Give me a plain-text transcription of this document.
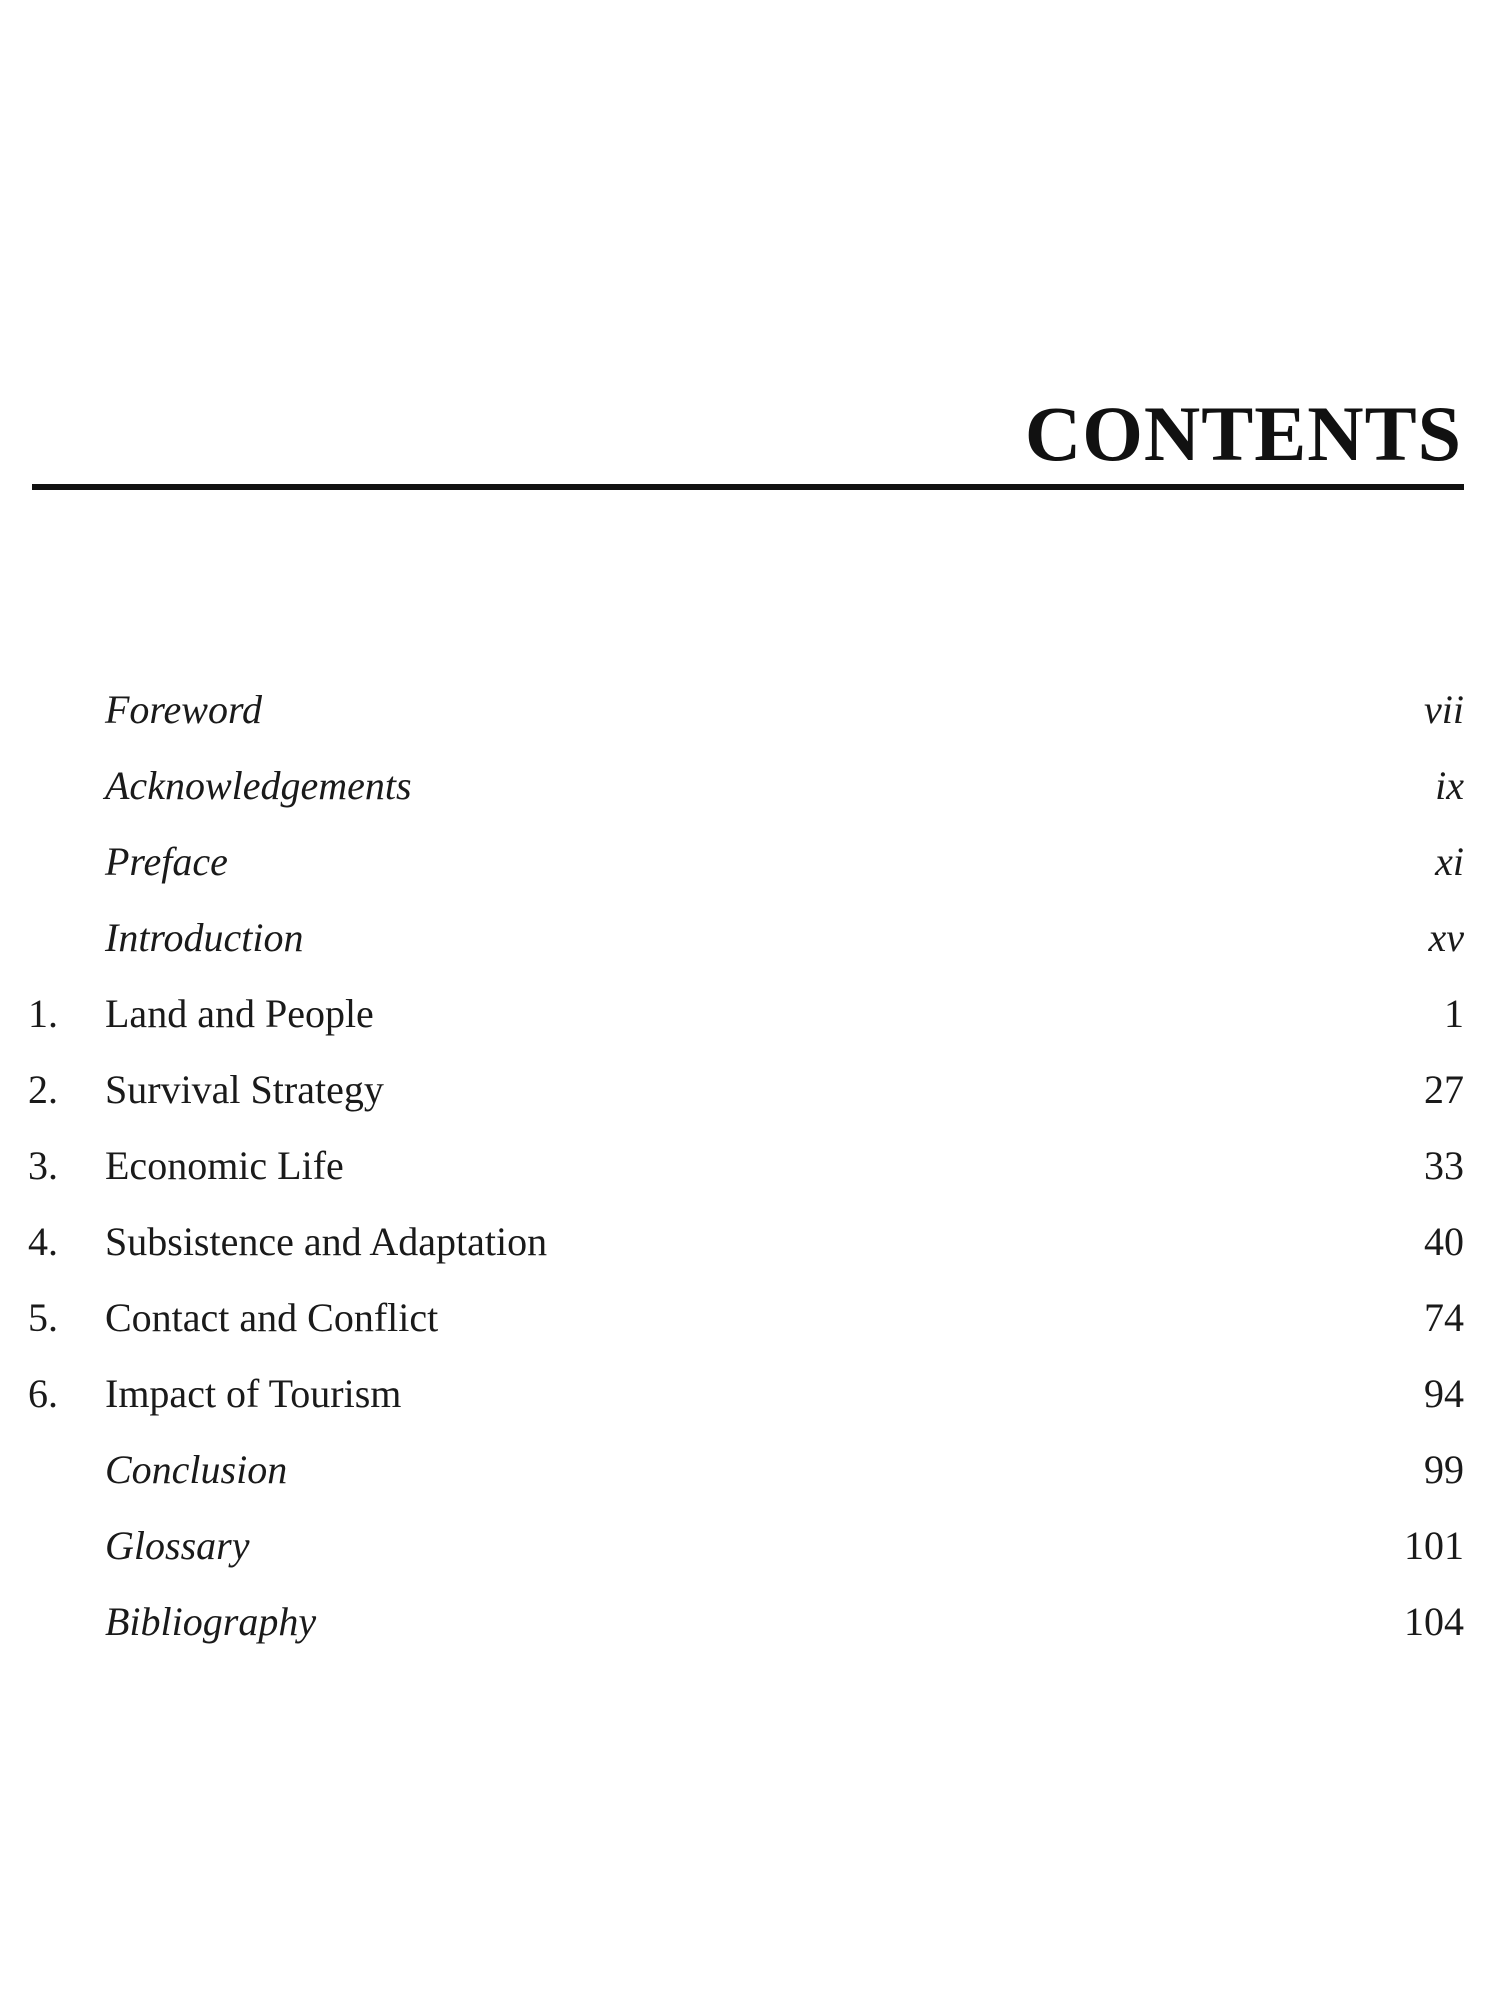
CONTENTS
Foreword	vii
Acknowledgements	ix
Preface	xi
Introduction	xv
1.	Land and People	1
2.	Survival Strategy	27
3.	Economic Life	33
4.	Subsistence and Adaptation	40
5.	Contact and Conflict	74
6.	Impact of Tourism	94
Conclusion	99
Glossary	101
Bibliography	104
